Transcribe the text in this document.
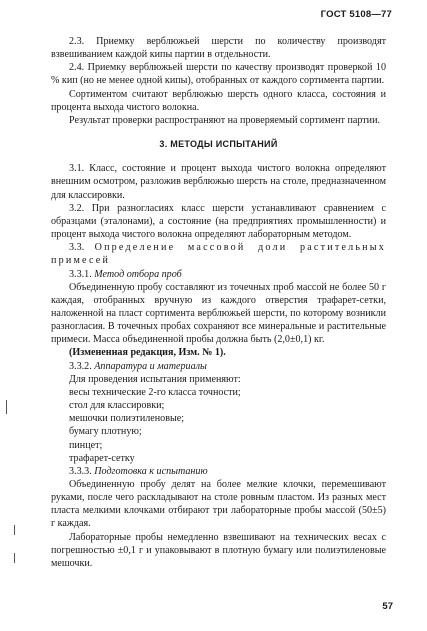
ГОСТ 5108—77

2.3. Приемку верблюжьей шерсти по количеству производят взвешиванием каждой кипы партии в отдельности.

2.4. Приемку верблюжьей шерсти по качеству производят проверкой 10 % кип (но не менее одной кипы), отобранных от каждого сортимента партии.

Сортиментом считают верблюжью шерсть одного класса, состояния и процента выхода чистого волокна.

Результат проверки распространяют на проверяемый сортимент партии.

3. МЕТОДЫ ИСПЫТАНИЙ

3.1. Класс, состояние и процент выхода чистого волокна определяют внешним осмотром, разложив верблюжью шерсть на столе, предназначенном для классировки.

3.2. При разногласиях класс шерсти устанавливают сравнением с образцами (эталонами), а состояние (на предприятиях промышленности) и процент выхода чистого волокна определяют лабораторным методом.

3.3. Определение массовой доли растительных примесей

3.3.1. Метод отбора проб

Объединенную пробу составляют из точечных проб массой не более 50 г каждая, отобранных вручную из каждого отверстия трафарет-сетки, наложенной на пласт сортимента верблюжьей шерсти, по которому возникли разногласия. В точечных пробах сохраняют все минеральные и растительные примеси. Масса объединенной пробы должна быть (2,0±0,1) кг.

(Измененная редакция, Изм. № 1).

3.3.2. Аппаратура и материалы

Для проведения испытания применяют:

весы технические 2-го класса точности;

стол для классировки;

мешочки полиэтиленовые;

бумагу плотную;

пинцет;

трафарет-сетку

3.3.3. Подготовка к испытанию

Объединенную пробу делят на более мелкие клочки, перемешивают руками, после чего раскладывают на столе ровным пластом. Из разных мест пласта мелкими клочками отбирают три лабораторные пробы массой (50±5) г каждая.

Лабораторные пробы немедленно взвешивают на технических весах с погрешностью ±0,1 г и упаковывают в плотную бумагу или полиэтиленовые мешочки.

57
